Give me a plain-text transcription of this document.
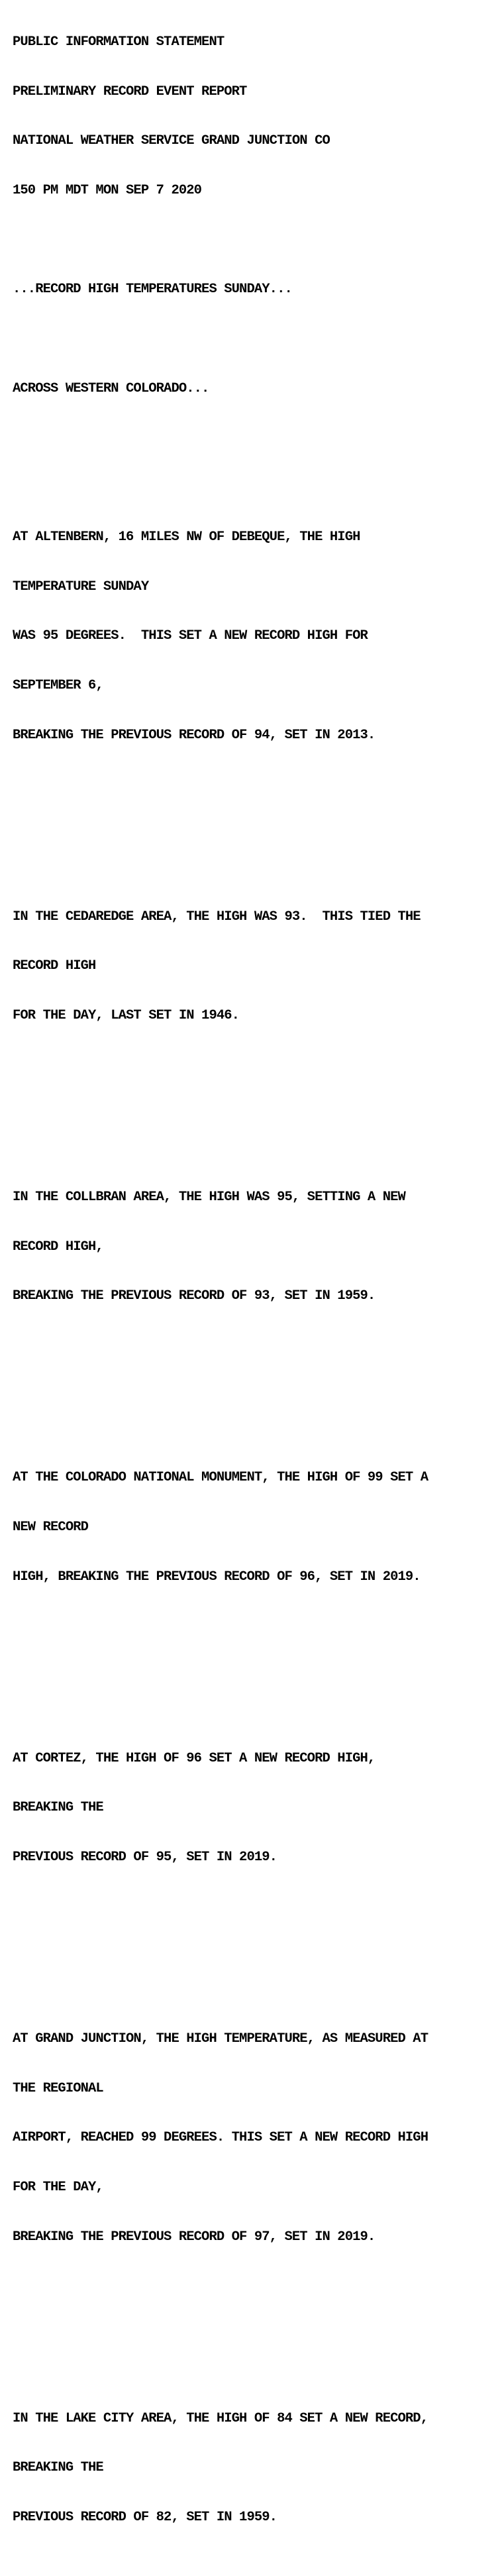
PUBLIC INFORMATION STATEMENT

PRELIMINARY RECORD EVENT REPORT

NATIONAL WEATHER SERVICE GRAND JUNCTION CO

150 PM MDT MON SEP 7 2020

...RECORD HIGH TEMPERATURES SUNDAY...

ACROSS WESTERN COLORADO...

AT ALTENBERN, 16 MILES NW OF DEBEQUE, THE HIGH

TEMPERATURE SUNDAY

WAS 95 DEGREES.  THIS SET A NEW RECORD HIGH FOR

SEPTEMBER 6,

BREAKING THE PREVIOUS RECORD OF 94, SET IN 2013.

IN THE CEDAREDGE AREA, THE HIGH WAS 93.  THIS TIED THE

RECORD HIGH

FOR THE DAY, LAST SET IN 1946.

IN THE COLLBRAN AREA, THE HIGH WAS 95, SETTING A NEW

RECORD HIGH,

BREAKING THE PREVIOUS RECORD OF 93, SET IN 1959.

AT THE COLORADO NATIONAL MONUMENT, THE HIGH OF 99 SET A

NEW RECORD

HIGH, BREAKING THE PREVIOUS RECORD OF 96, SET IN 2019.

AT CORTEZ, THE HIGH OF 96 SET A NEW RECORD HIGH,

BREAKING THE

PREVIOUS RECORD OF 95, SET IN 2019.

AT GRAND JUNCTION, THE HIGH TEMPERATURE, AS MEASURED AT

THE REGIONAL

AIRPORT, REACHED 99 DEGREES. THIS SET A NEW RECORD HIGH

FOR THE DAY,

BREAKING THE PREVIOUS RECORD OF 97, SET IN 2019.

IN THE LAKE CITY AREA, THE HIGH OF 84 SET A NEW RECORD,

BREAKING THE

PREVIOUS RECORD OF 82, SET IN 1959.
